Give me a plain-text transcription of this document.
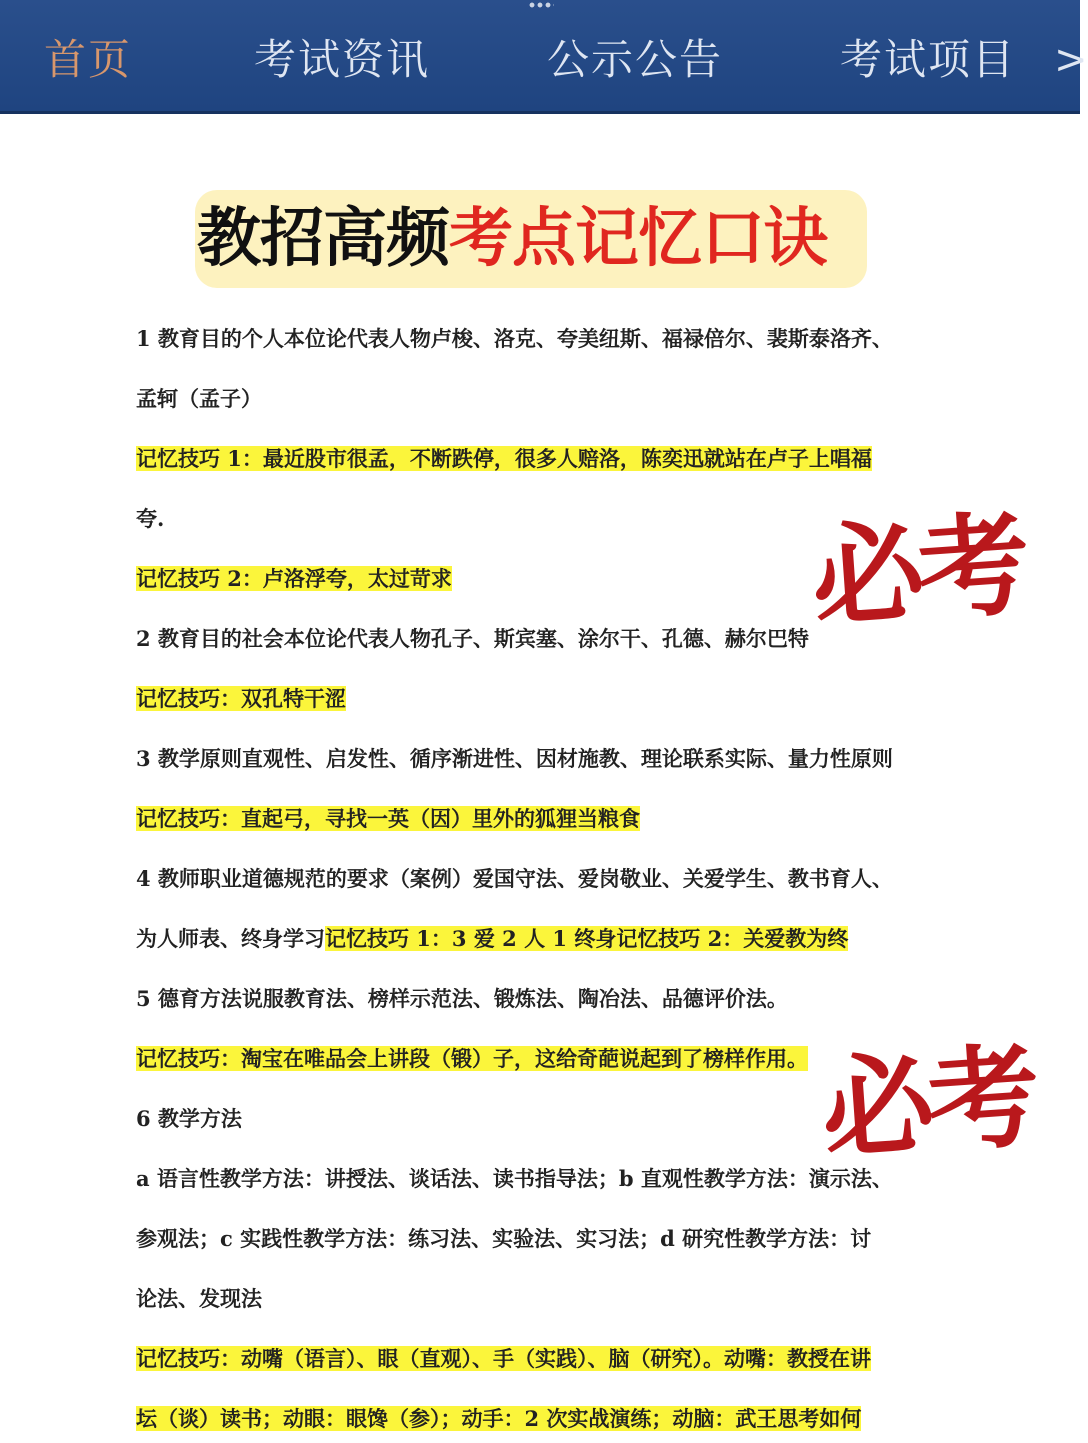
首页	考试资讯	公示公告	考试项目 >
教招高频考点记忆口诀
1 教育目的个人本位论代表人物卢梭、洛克、夸美纽斯、福禄倍尔、裴斯泰洛齐、
孟轲（孟子）
记忆技巧 1：最近股市很孟，不断跌停，很多人赔洛，陈奕迅就站在卢子上唱福
夸.
记忆技巧 2：卢洛浮夸，太过苛求
2 教育目的社会本位论代表人物孔子、斯宾塞、涂尔干、孔德、赫尔巴特
记忆技巧：双孔特干涩
3 教学原则直观性、启发性、循序渐进性、因材施教、理论联系实际、量力性原则
记忆技巧：直起弓，寻找一英（因）里外的狐狸当粮食
4 教师职业道德规范的要求（案例）爱国守法、爱岗敬业、关爱学生、教书育人、
为人师表、终身学习记忆技巧 1：3 爱 2 人 1 终身记忆技巧 2：关爱教为终
5 德育方法说服教育法、榜样示范法、锻炼法、陶冶法、品德评价法。
记忆技巧：淘宝在唯品会上讲段（锻）子，这给奇葩说起到了榜样作用。
6 教学方法
a 语言性教学方法：讲授法、谈话法、读书指导法；b 直观性教学方法：演示法、
参观法；c 实践性教学方法：练习法、实验法、实习法；d 研究性教学方法：讨
论法、发现法
记忆技巧：动嘴（语言）、眼（直观）、手（实践）、脑（研究）。动嘴：教授在讲
坛（谈）读书；动眼：眼馋（参）；动手：2 次实战演练；动脑：武王思考如何
必考
必考
